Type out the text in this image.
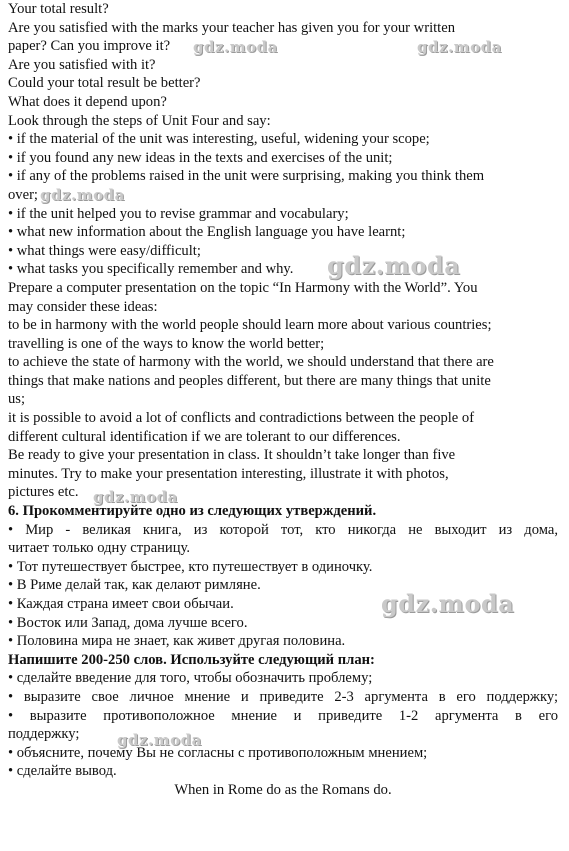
Your total result?
Are you satisfied with the marks your teacher has given you for your written
paper? Can you improve it?
Are you satisfied with it?
Could your total result be better?
What does it depend upon?
Look through the steps of Unit Four and say:
• if the material of the unit was interesting, useful, widening your scope;
• if you found any new ideas in the texts and exercises of the unit;
• if any of the problems raised in the unit were surprising, making you think them
over;
• if the unit helped you to revise grammar and vocabulary;
• what new information about the English language you have learnt;
• what things were easy/difficult;
• what tasks you specifically remember and why.
Prepare a computer presentation on the topic “In Harmony with the World”. You
may consider these ideas:
to be in harmony with the world people should learn more about various countries;
travelling is one of the ways to know the world better;
to achieve the state of harmony with the world, we should understand that there are
things that make nations and peoples different, but there are many things that unite
us;
it is possible to avoid a lot of conflicts and contradictions between the people of
different cultural identification if we are tolerant to our differences.
Be ready to give your presentation in class. It shouldn’t take longer than five
minutes. Try to make your presentation interesting, illustrate it with photos,
pictures etc.
6. Прокомментируйте одно из следующих утверждений.
• Мир - великая книга, из которой тот, кто никогда не выходит из дома,
читает только одну страницу.
• Тот путешествует быстрее, кто путешествует в одиночку.
• В Риме делай так, как делают римляне.
• Каждая страна имеет свои обычаи.
• Восток или Запад, дома лучше всего.
• Половина мира не знает, как живет другая половина.
Напишите 200-250 слов. Используйте следующий план:
• сделайте введение для того, чтобы обозначить проблему;
• выразите свое личное мнение и приведите 2-3 аргумента в его поддержку;
• выразите противоположное мнение и приведите 1-2 аргумента в его
поддержку;
• объясните, почему Вы не согласны с противоположным мнением;
• сделайте вывод.
When in Rome do as the Romans do.
gdz.moda	gdz.moda
gdz.moda
gdz.moda
gdz.moda
gdz.moda
gdz.moda
